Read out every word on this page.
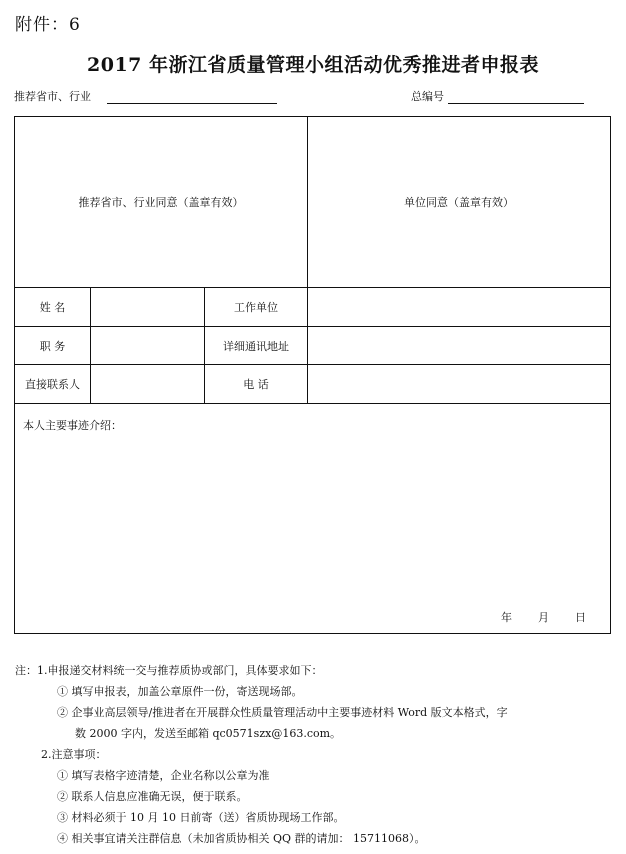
附件：6
2017 年浙江省质量管理小组活动优秀推进者申报表
推荐省市、行业	总编号
推荐省市、行业同意（盖章有效）			单位同意（盖章有效）
姓 名		工作单位	
职 务		详细通讯地址	
直接联系人		电 话	

本人主要事迹介绍：
年 月 日			
注：1.申报递交材料统一交与推荐质协或部门，具体要求如下：
① 填写申报表，加盖公章原件一份，寄送现场部。
② 企事业高层领导/推进者在开展群众性质量管理活动中主要事迹材料 Word 版文本格式，字
数 2000 字内，发送至邮箱 qc0571szx@163.com。
2.注意事项：
① 填写表格字迹清楚，企业名称以公章为准
② 联系人信息应准确无误，便于联系。
③ 材料必须于 10 月 10 日前寄（送）省质协现场工作部。
④ 相关事宜请关注群信息（未加省质协相关 QQ 群的请加： 15711068）。
